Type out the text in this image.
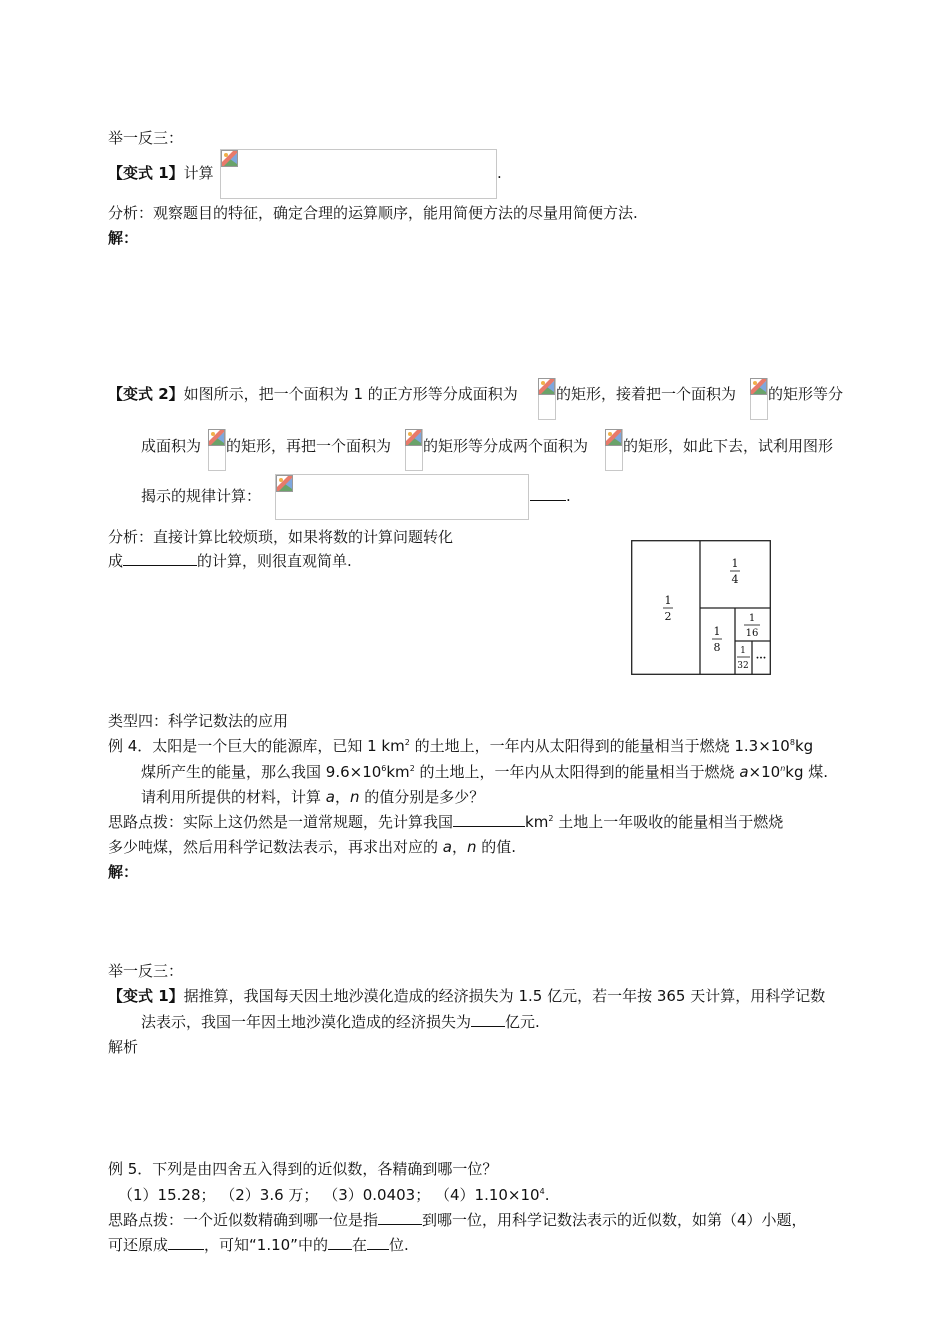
举一反三：
【变式 1】计算	.
分析：观察题目的特征，确定合理的运算顺序，能用简便方法的尽量用简便方法.
解：
【变式 2】如图所示，把一个面积为 1 的正方形等分成面积为	的矩形，接着把一个面积为 的矩形等分
成面积为 的矩形，再把一个面积为 的矩形等分成两个面积为 的矩形，如此下去，试利用图形
揭示的规律计算：	.
分析：直接计算比较烦琐，如果将数的计算问题转化
成	的计算，则很直观简单.
1
2
1
4
1
8
1
16
1
32
···
类型四：科学记数法的应用
例 4．太阳是一个巨大的能源库，已知 1 $km^2$ 的土地上，一年内从太阳得到的能量相当于燃烧 $1.3\times 10^8kg$
煤所产生的能量，那么我国 $9.6\times 10^6km^2$ 的土地上，一年内从太阳得到的能量相当于燃烧 $a\times 10^nkg$ 煤.
请利用所提供的材料，计算 a，n 的值分别是多少？
思路点拨：实际上这仍然是一道常规题，先计算我国	$km^2$ 土地上一年吸收的能量相当于燃烧
多少吨煤，然后用科学记数法表示，再求出对应的 a，n 的值.
解：
举一反三：
【变式 1】据推算，我国每天因土地沙漠化造成的经济损失为 1.5 亿元，若一年按 365 天计算，用科学记数
法表示，我国一年因土地沙漠化造成的经济损失为 亿元.
解析
例 5．下列是由四舍五入得到的近似数，各精确到哪一位？
（1）15.28； （2）3.6 万； （3）0.0403； $(4)1.10\times 10^4$.
思路点拨：一个近似数精确到哪一位是指	到哪一位，用科学记数法表示的近似数，如第（4）小题，
可还原成 ，可知“1.10”中的 在 位.
